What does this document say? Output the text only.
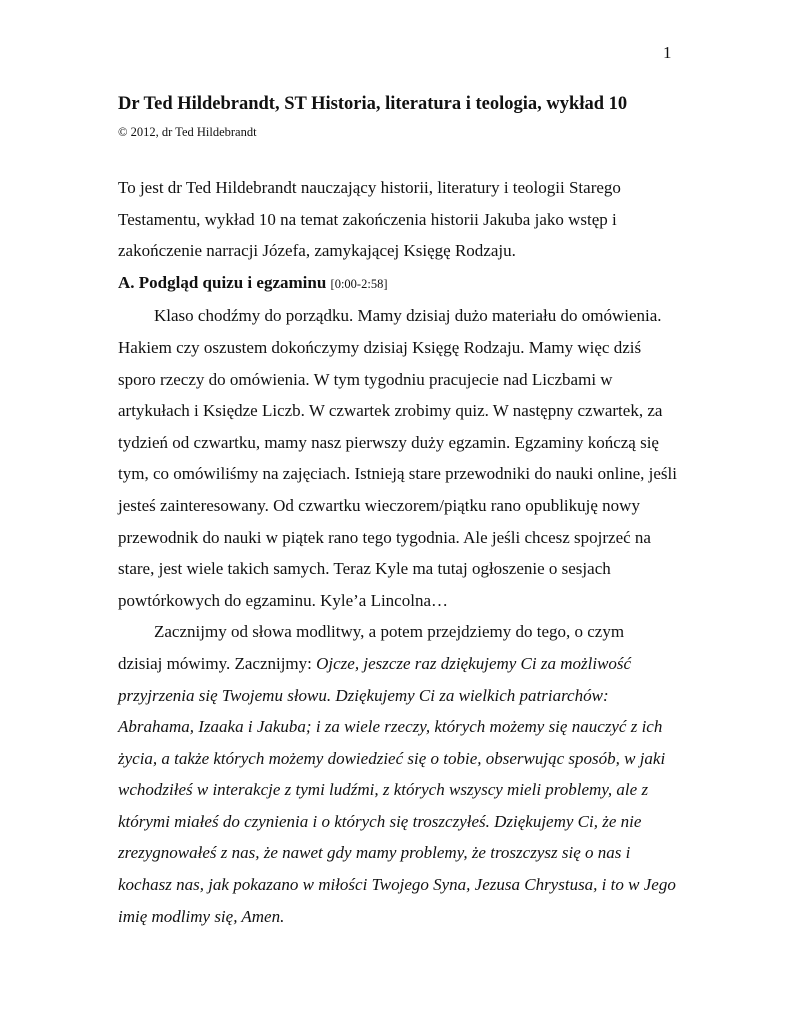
1
Dr Ted Hildebrandt, ST Historia, literatura i teologia, wykład 10
© 2012, dr Ted Hildebrandt

To jest dr Ted Hildebrandt nauczający historii, literatury i teologii Starego

Testamentu, wykład 10 na temat zakończenia historii Jakuba jako wstęp i

zakończenie narracji Józefa, zamykającej Księgę Rodzaju.

A. Podgląd quizu i egzaminu [0:00-2:58]

Klaso chodźmy do porządku. Mamy dzisiaj dużo materiału do omówienia.

Hakiem czy oszustem dokończymy dzisiaj Księgę Rodzaju. Mamy więc dziś

sporo rzeczy do omówienia. W tym tygodniu pracujecie nad Liczbami w

artykułach i Księdze Liczb. W czwartek zrobimy quiz. W następny czwartek, za

tydzień od czwartku, mamy nasz pierwszy duży egzamin. Egzaminy kończą się

tym, co omówiliśmy na zajęciach. Istnieją stare przewodniki do nauki online, jeśli

jesteś zainteresowany. Od czwartku wieczorem/piątku rano opublikuję nowy

przewodnik do nauki w piątek rano tego tygodnia. Ale jeśli chcesz spojrzeć na

stare, jest wiele takich samych. Teraz Kyle ma tutaj ogłoszenie o sesjach

powtórkowych do egzaminu. Kyle’a Lincolna…

Zacznijmy od słowa modlitwy, a potem przejdziemy do tego, o czym

dzisiaj mówimy. Zacznijmy: Ojcze, jeszcze raz dziękujemy Ci za możliwość

przyjrzenia się Twojemu słowu. Dziękujemy Ci za wielkich patriarchów:

Abrahama, Izaaka i Jakuba; i za wiele rzeczy, których możemy się nauczyć z ich

życia, a także których możemy dowiedzieć się o tobie, obserwując sposób, w jaki

wchodziłeś w interakcje z tymi ludźmi, z których wszyscy mieli problemy, ale z

którymi miałeś do czynienia i o których się troszczyłeś. Dziękujemy Ci, że nie

zrezygnowałeś z nas, że nawet gdy mamy problemy, że troszczysz się o nas i

kochasz nas, jak pokazano w miłości Twojego Syna, Jezusa Chrystusa, i to w Jego

imię modlimy się, Amen.
